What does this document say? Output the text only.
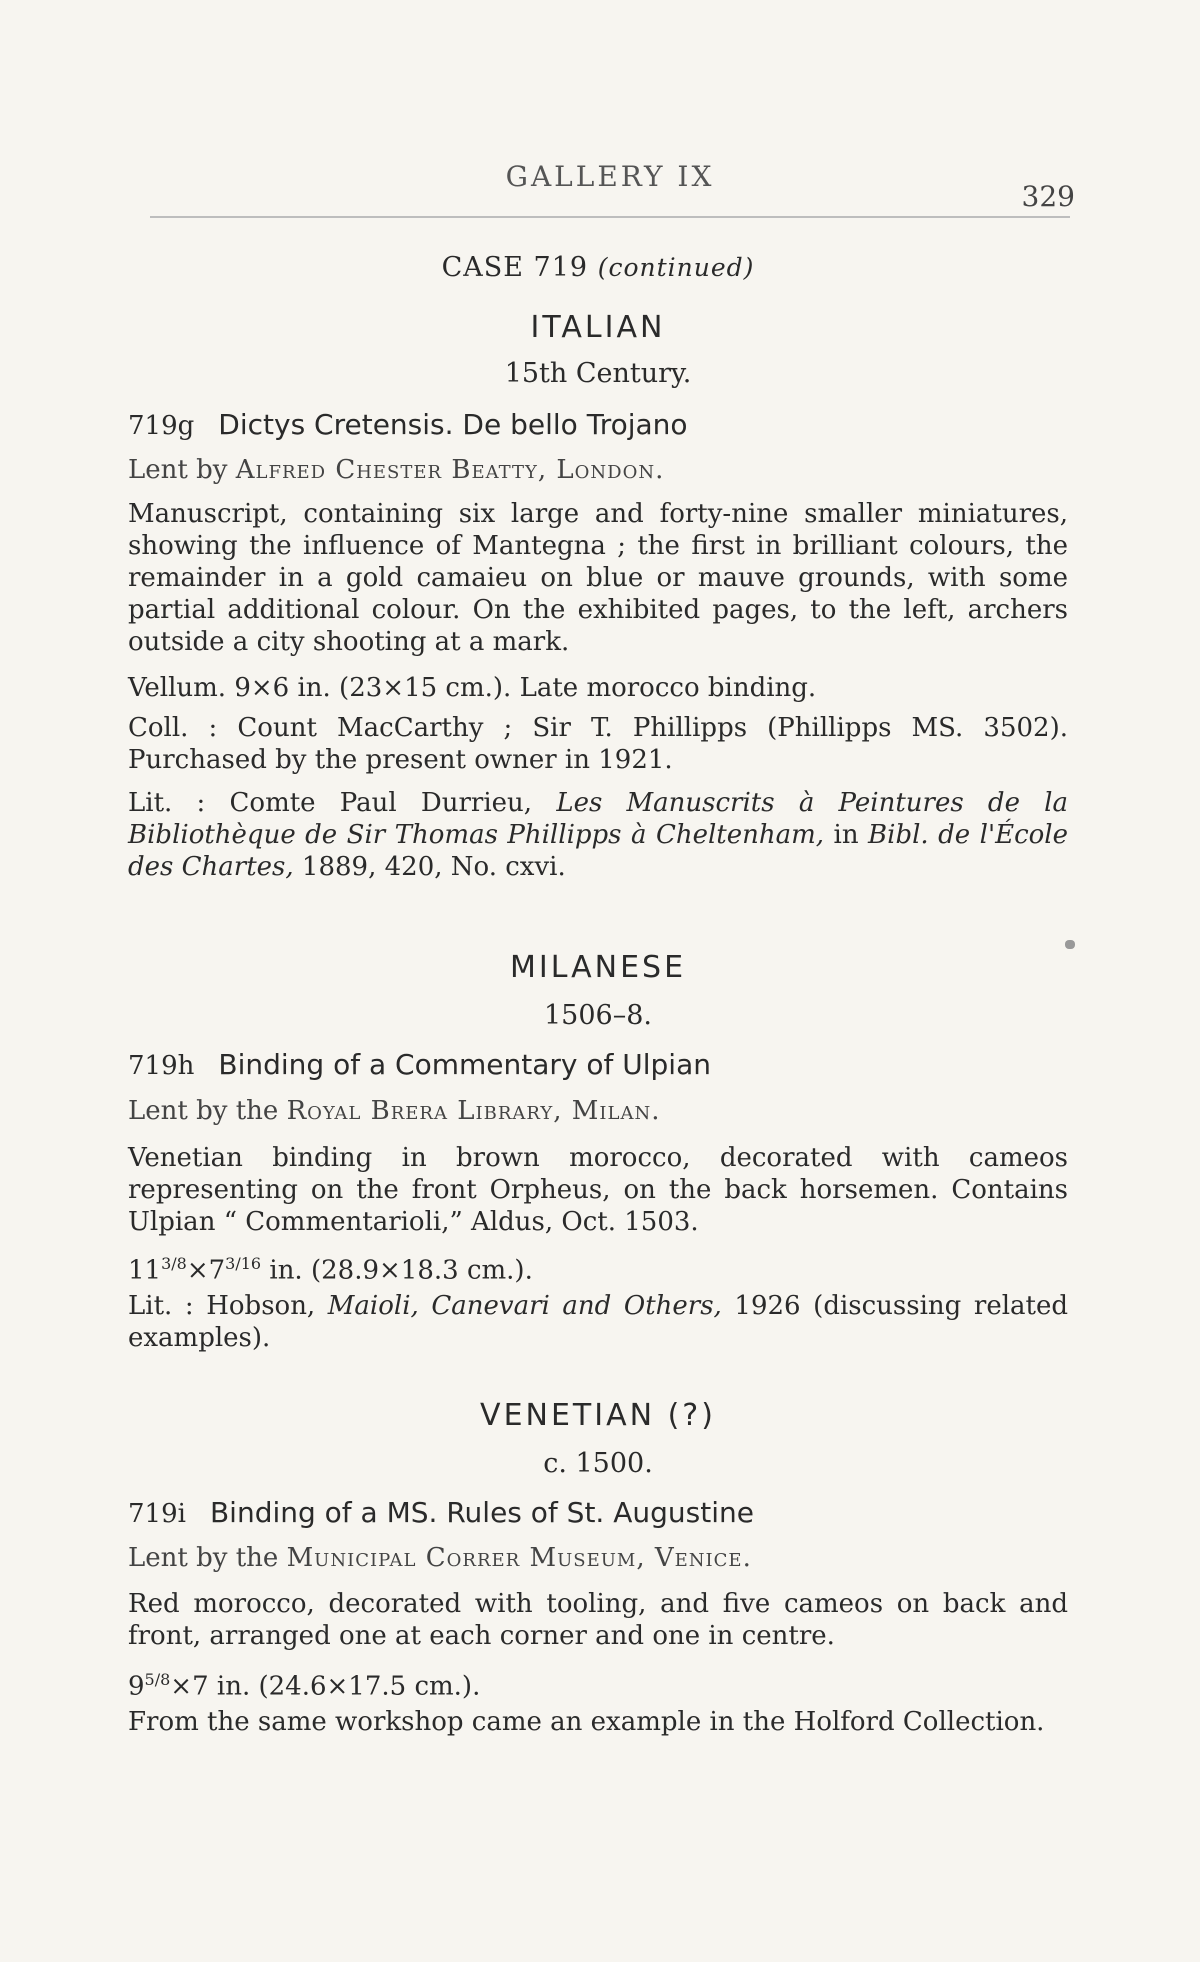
GALLERY IX
329
CASE 719 (continued)
ITALIAN
15th Century.
719g Dictys Cretensis. De bello Trojano
Lent by Alfred Chester Beatty, London.
Manuscript, containing six large and forty-nine smaller miniatures, showing the influence of Mantegna ; the first in brilliant colours, the remainder in a gold camaieu on blue or mauve grounds, with some partial additional colour. On the exhibited pages, to the left, archers outside a city shooting at a mark.
Vellum. 9×6 in. (23×15 cm.). Late morocco binding.
Coll. : Count MacCarthy ; Sir T. Phillipps (Phillipps MS. 3502). Purchased by the present owner in 1921.
Lit. : Comte Paul Durrieu, Les Manuscrits à Peintures de la Bibliothèque de Sir Thomas Phillipps à Cheltenham, in Bibl. de l'École des Chartes, 1889, 420, No. cxvi.
MILANESE
1506–8.
719h Binding of a Commentary of Ulpian
Lent by the Royal Brera Library, Milan.
Venetian binding in brown morocco, decorated with cameos representing on the front Orpheus, on the back horsemen. Contains Ulpian “ Commentarioli,” Aldus, Oct. 1503.
$11^{3/8}\times 7^{3/16}$ in. (28.9×18.3 cm.).
Lit. : Hobson, Maioli, Canevari and Others, 1926 (discussing related examples).
VENETIAN (?)
c. 1500.
719i Binding of a MS. Rules of St. Augustine
Lent by the Municipal Correr Museum, Venice.
Red morocco, decorated with tooling, and five cameos on back and front, arranged one at each corner and one in centre.
$9^{5/8}\times 7$ in. (24.6×17.5 cm.).
From the same workshop came an example in the Holford Collection.
